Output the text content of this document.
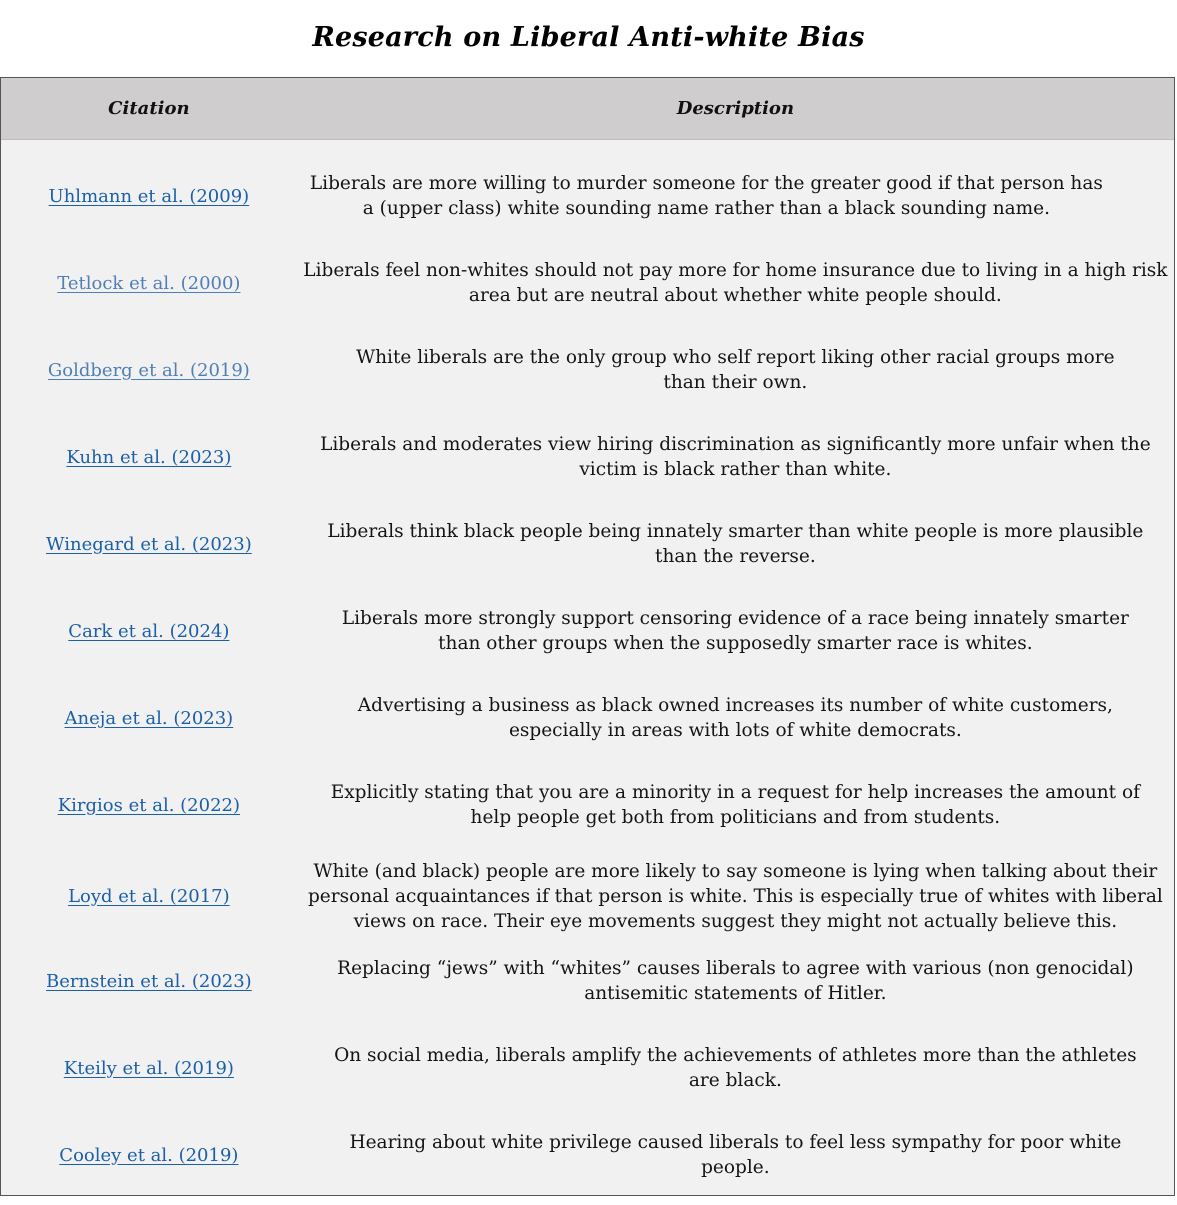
Research on Liberal Anti-white Bias
Citation	Description
Uhlmann et al. (2009)
Liberals are more willing to murder someone for the greater good if that person has a (upper class) white sounding name rather than a black sounding name.
Tetlock et al. (2000)
Liberals feel non-whites should not pay more for home insurance due to living in a high risk area but are neutral about whether white people should.
Goldberg et al. (2019)
White liberals are the only group who self report liking other racial groups more than their own.
Kuhn et al. (2023)
Liberals and moderates view hiring discrimination as significantly more unfair when the victim is black rather than white.
Winegard et al. (2023)
Liberals think black people being innately smarter than white people is more plausible than the reverse.
Cark et al. (2024)
Liberals more strongly support censoring evidence of a race being innately smarter than other groups when the supposedly smarter race is whites.
Aneja et al. (2023)
Advertising a business as black owned increases its number of white customers, especially in areas with lots of white democrats.
Kirgios et al. (2022)
Explicitly stating that you are a minority in a request for help increases the amount of help people get both from politicians and from students.
Loyd et al. (2017)
White (and black) people are more likely to say someone is lying when talking about their personal acquaintances if that person is white. This is especially true of whites with liberal views on race. Their eye movements suggest they might not actually believe this.
Bernstein et al. (2023)
Replacing “jews” with “whites” causes liberals to agree with various (non genocidal) antisemitic statements of Hitler.
Kteily et al. (2019)
On social media, liberals amplify the achievements of athletes more than the athletes are black.
Cooley et al. (2019)
Hearing about white privilege caused liberals to feel less sympathy for poor white people.
